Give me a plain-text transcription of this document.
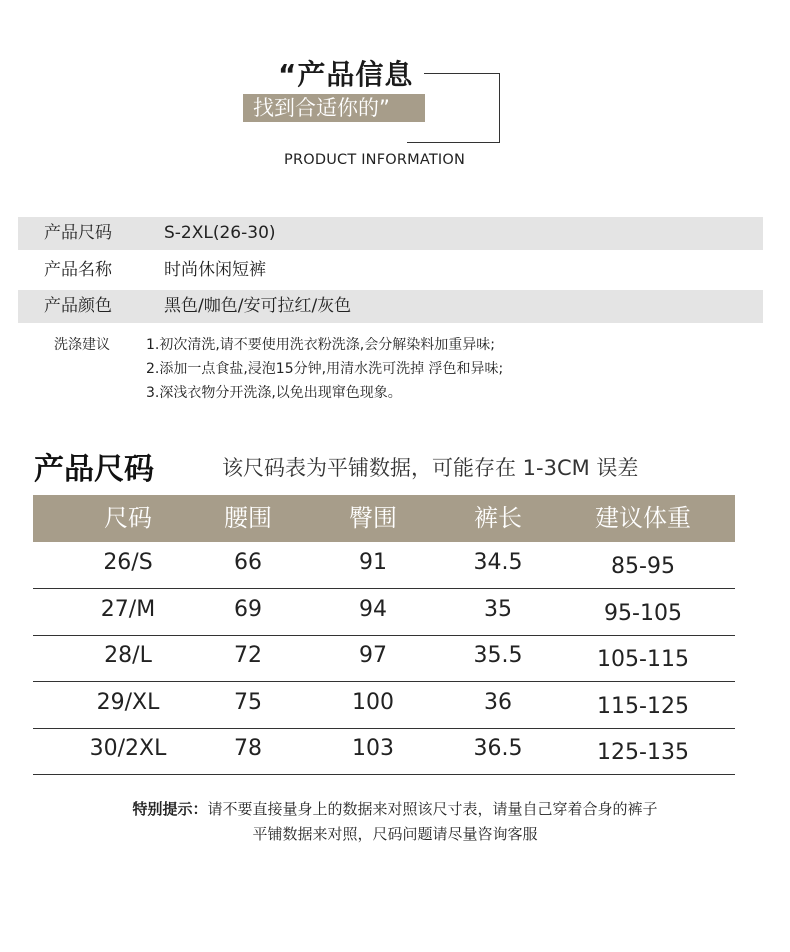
“产品信息
找到合适你的”
PRODUCT INFORMATION
产品尺码	S-2XL(26-30)
产品名称	时尚休闲短裤
产品颜色	黑色/咖色/安可拉红/灰色
洗涤建议	1.初次清洗,请不要使用洗衣粉洗涤,会分解染料加重异味;
2.添加一点食盐,浸泡15分钟,用清水洗可洗掉 浮色和异味;
3.深浅衣物分开洗涤,以免出现窜色现象。
产品尺码	该尺码表为平铺数据，可能存在 1-3CM 误差
尺码	腰围	臀围	裤长	建议体重
26/S	66	91	34.5	85-95
27/M	69	94	35	95-105
28/L	72	97	35.5	105-115
29/XL	75	100	36	115-125
30/2XL	78	103	36.5	125-135
特别提示：请不要直接量身上的数据来对照该尺寸表，请量自己穿着合身的裤子
平铺数据来对照，尺码问题请尽量咨询客服
